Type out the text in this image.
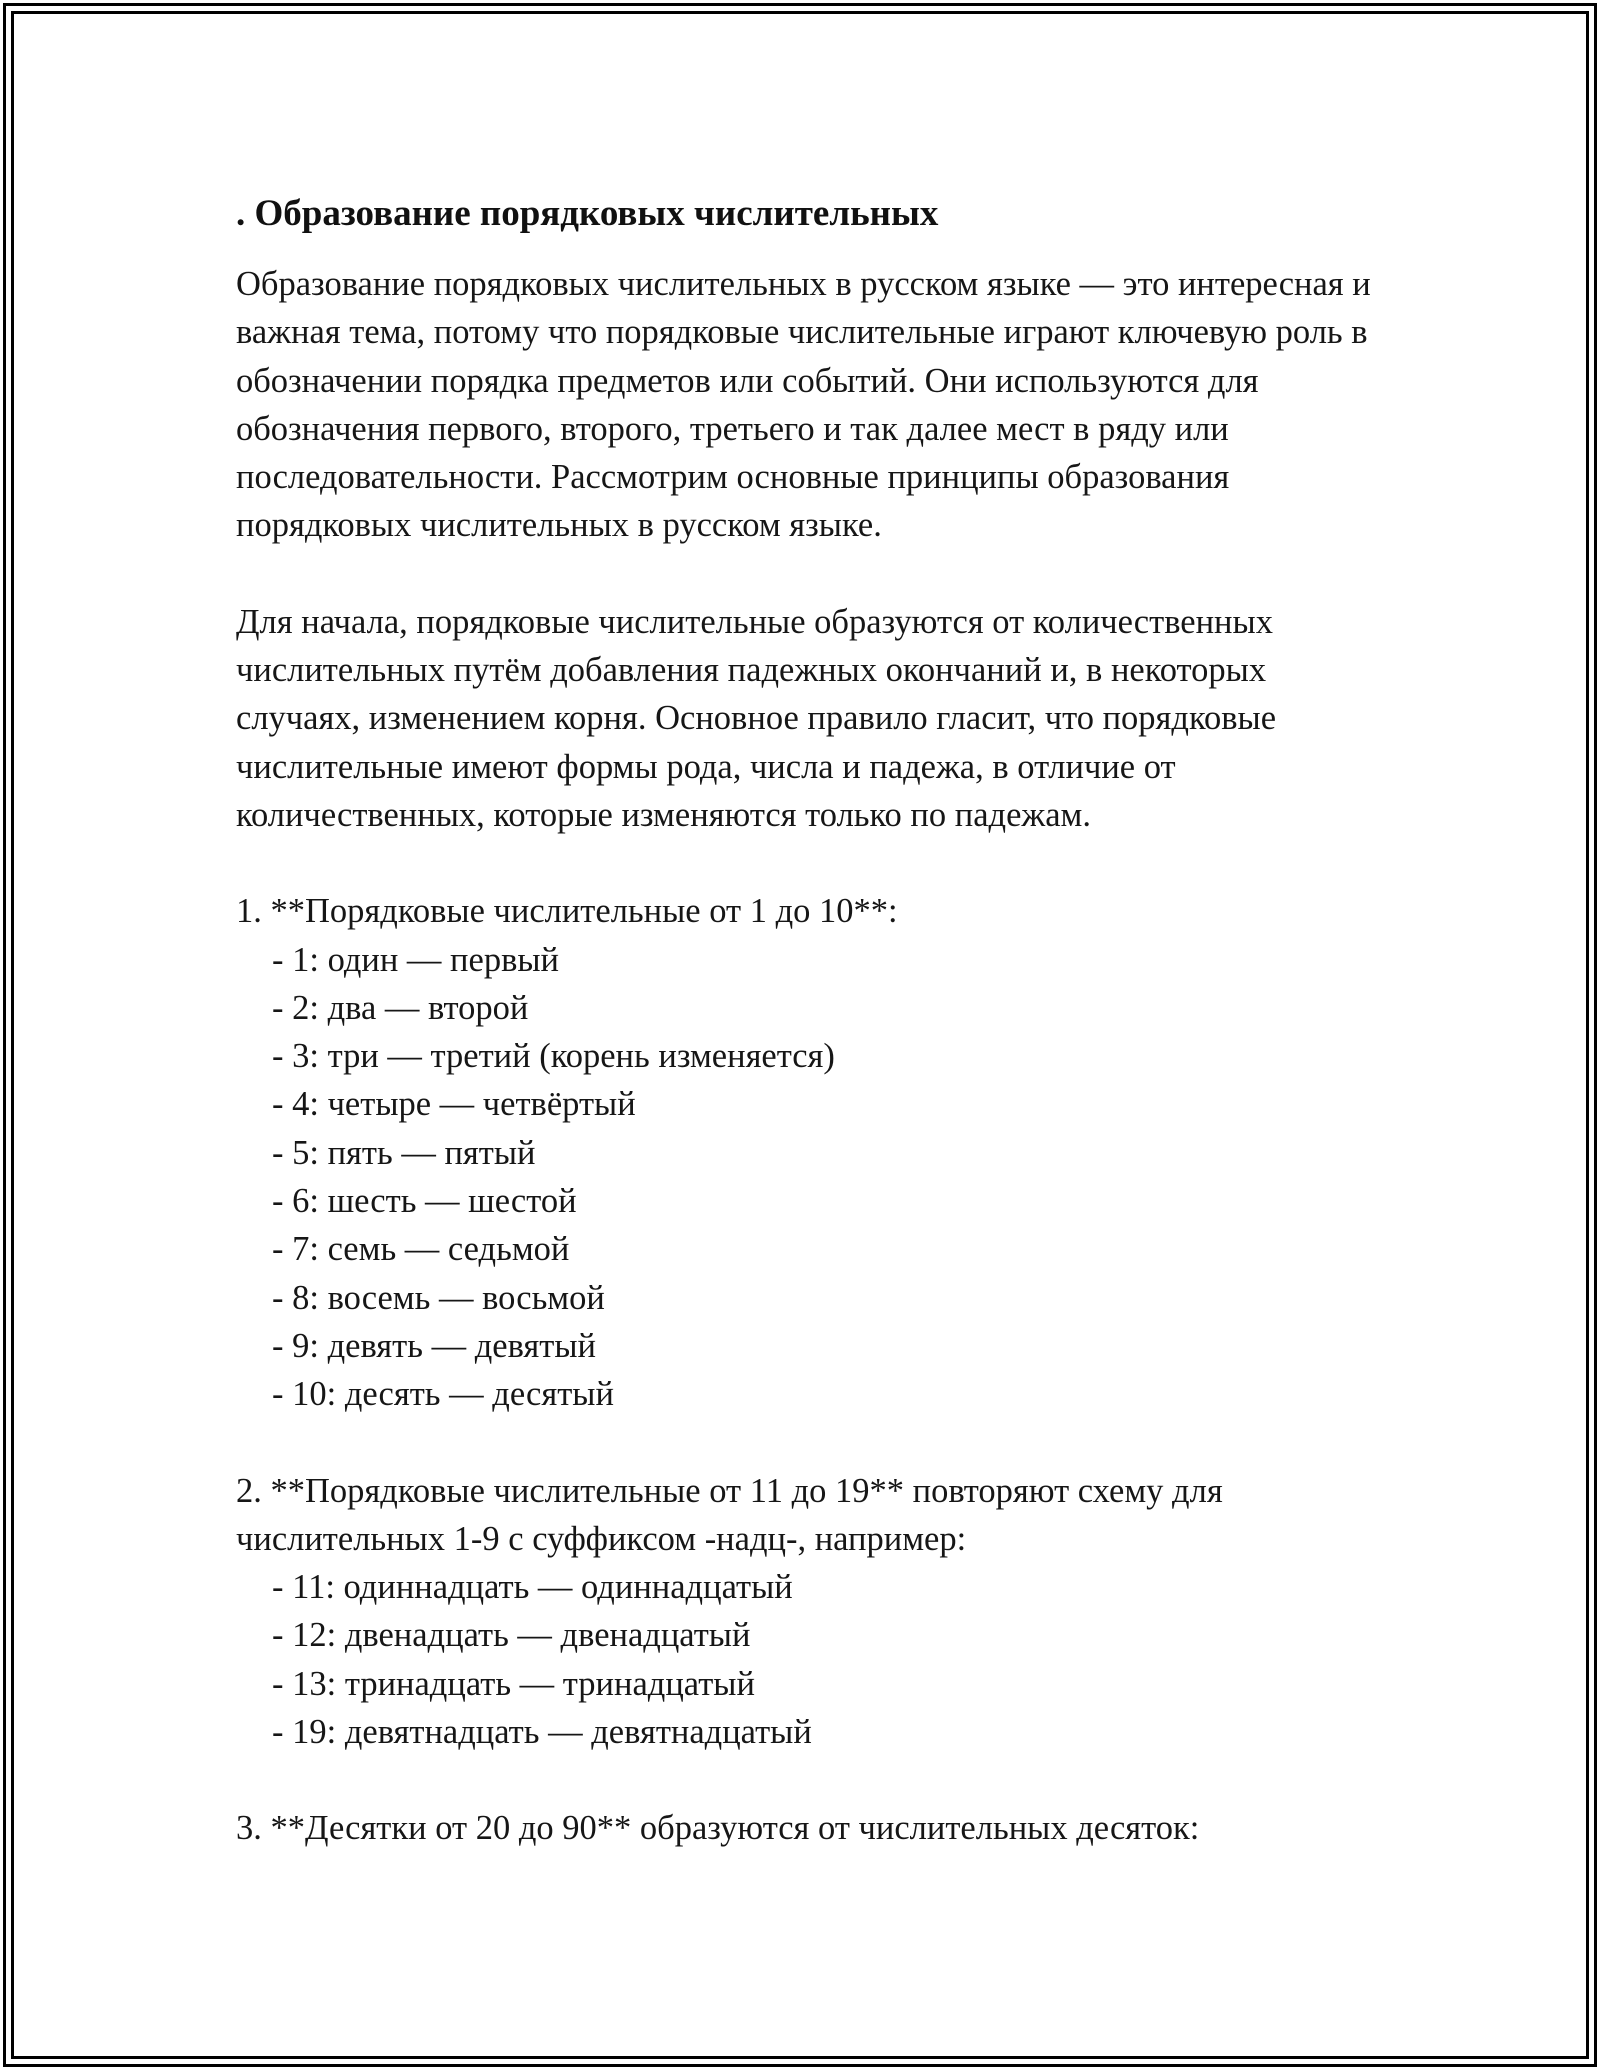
. Образование порядковых числительных

Образование порядковых числительных в русском языке — это интересная и важная тема, потому что порядковые числительные играют ключевую роль в обозначении порядка предметов или событий. Они используются для обозначения первого, второго, третьего и так далее мест в ряду или последовательности. Рассмотрим основные принципы образования порядковых числительных в русском языке.

Для начала, порядковые числительные образуются от количественных числительных путём добавления падежных окончаний и, в некоторых случаях, изменением корня. Основное правило гласит, что порядковые числительные имеют формы рода, числа и падежа, в отличие от количественных, которые изменяются только по падежам.

1. **Порядковые числительные от 1 до 10**:

- 1: один — первый
- 2: два — второй
- 3: три — третий (корень изменяется)
- 4: четыре — четвёртый
- 5: пять — пятый
- 6: шесть — шестой
- 7: семь — седьмой
- 8: восемь — восьмой
- 9: девять — девятый
- 10: десять — десятый

2. **Порядковые числительные от 11 до 19** повторяют схему для числительных 1-9 с суффиксом -надц-, например:

- 11: одиннадцать — одиннадцатый
- 12: двенадцать — двенадцатый
- 13: тринадцать — тринадцатый
- 19: девятнадцать — девятнадцатый

3. **Десятки от 20 до 90** образуются от числительных десяток:
